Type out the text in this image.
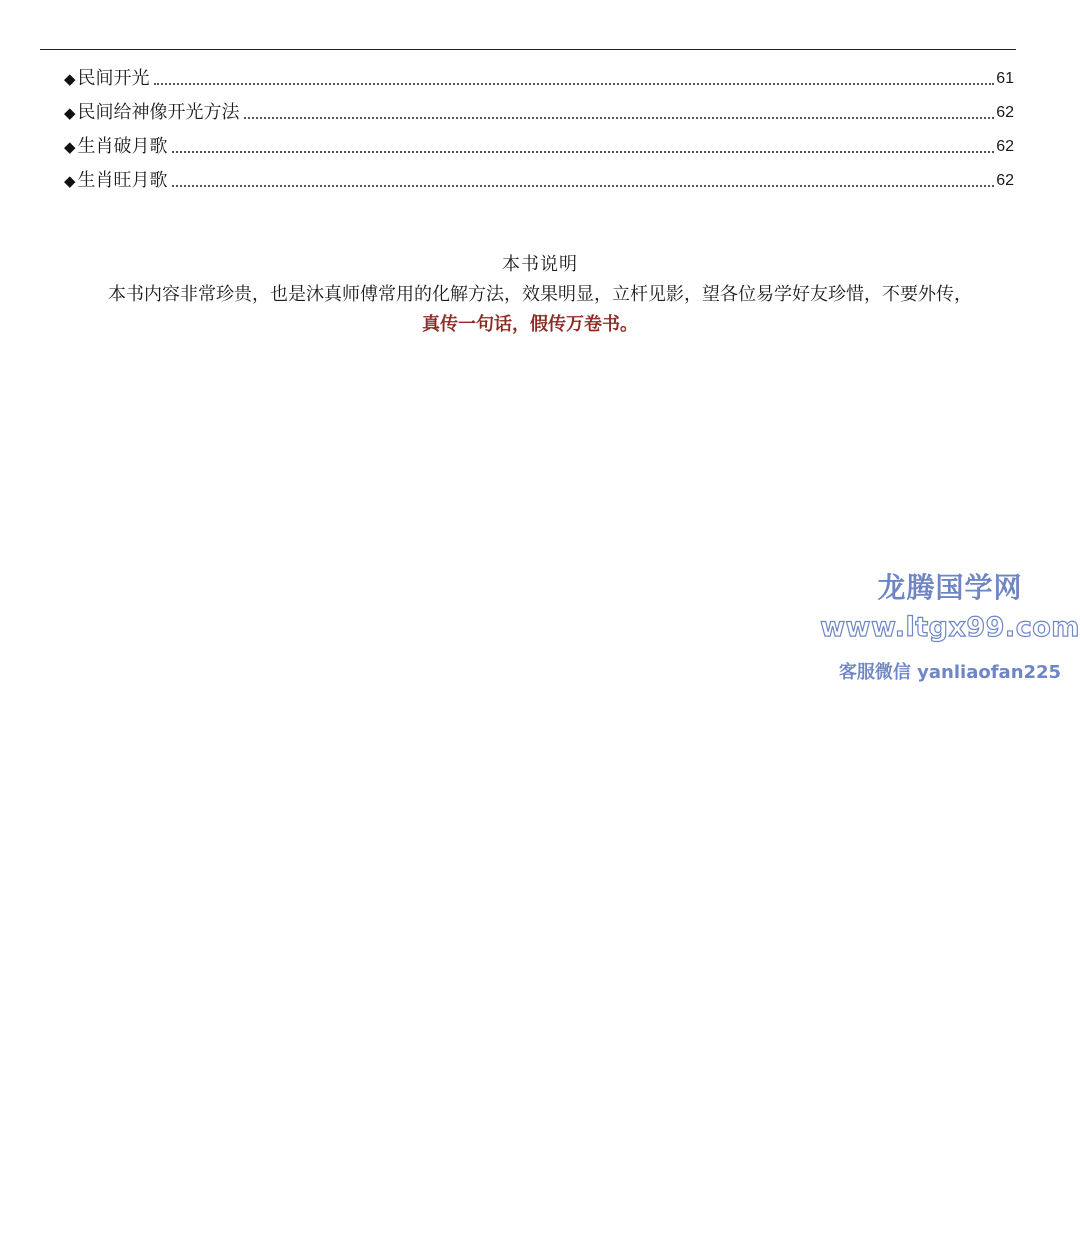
◆ 民间开光	61
◆ 民间给神像开光方法	62
◆ 生肖破月歌	62
◆ 生肖旺月歌	62
本书说明
本书内容非常珍贵，也是沐真师傅常用的化解方法，效果明显，立杆见影，望各位易学好友珍惜，不要外传，
真传一句话，假传万卷书。
龙腾国学网
www.ltgx99.com
客服微信 yanliaofan225
